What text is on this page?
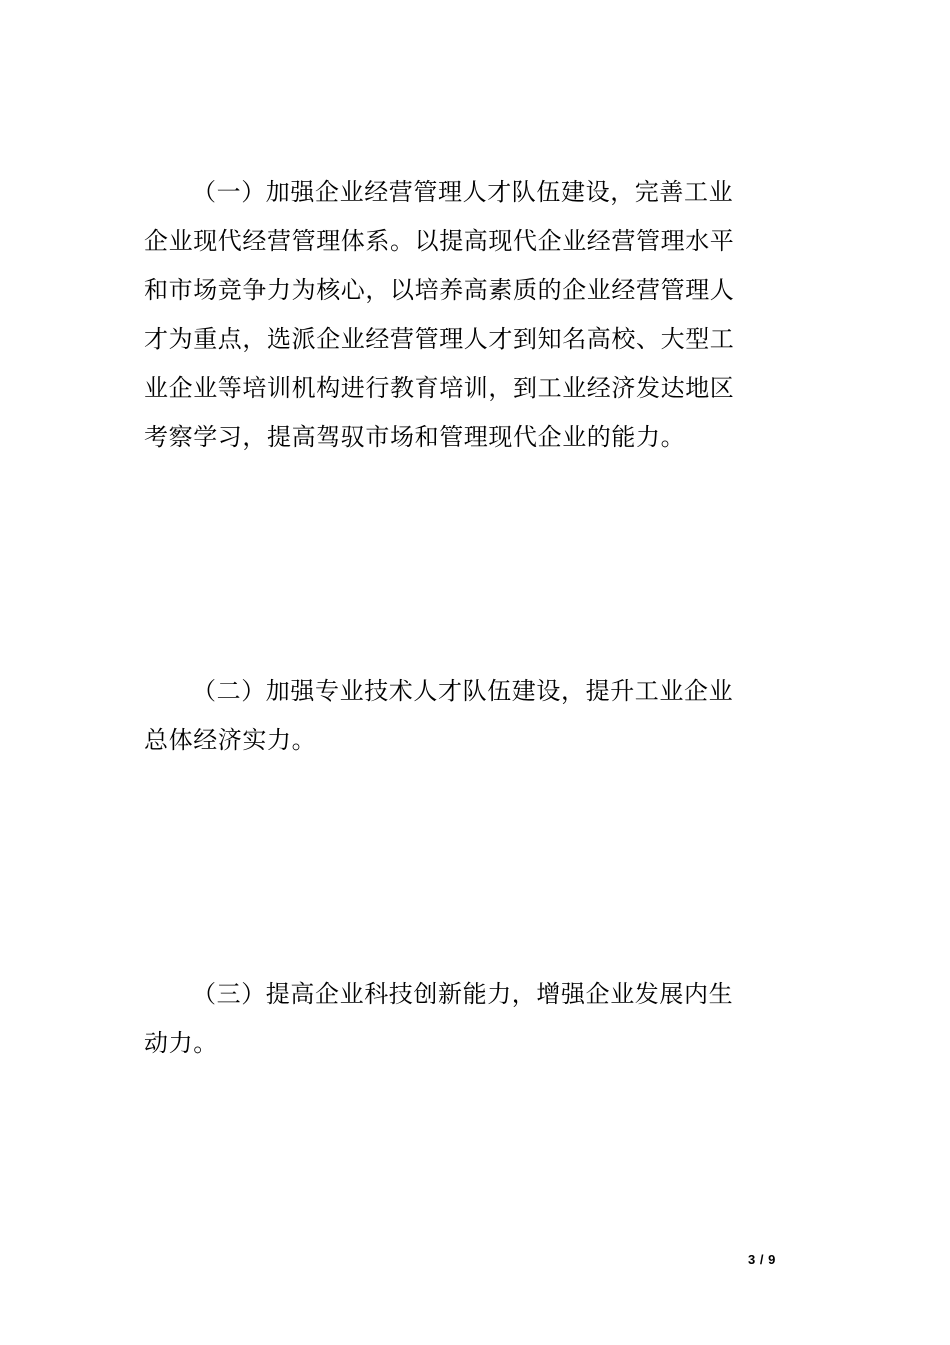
（一）加强企业经营管理人才队伍建设，完善工业企业现代经营管理体系。以提高现代企业经营管理水平和市场竞争力为核心，以培养高素质的企业经营管理人才为重点，选派企业经营管理人才到知名高校、大型工业企业等培训机构进行教育培训，到工业经济发达地区考察学习，提高驾驭市场和管理现代企业的能力。

（二）加强专业技术人才队伍建设，提升工业企业总体经济实力。

（三）提高企业科技创新能力，增强企业发展内生动力。

3 / 9
